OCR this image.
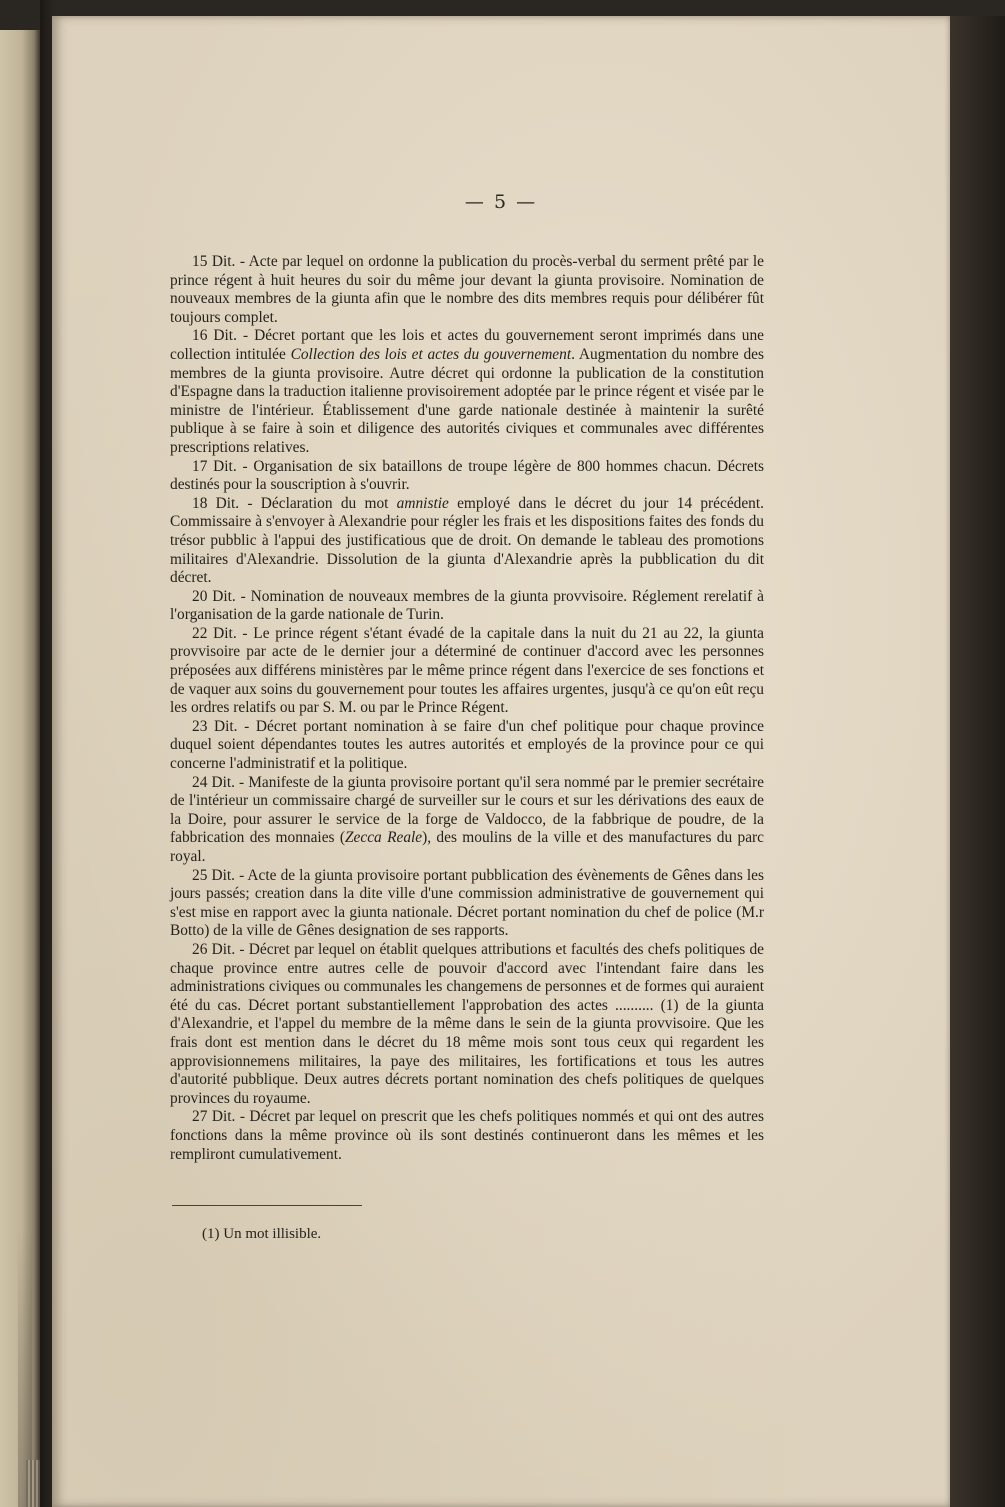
— 5 —

15 Dit. - Acte par lequel on ordonne la publication du procès-verbal du serment prêté par le prince régent à huit heures du soir du même jour devant la giunta provisoire. Nomination de nouveaux membres de la giunta afin que le nombre des dits membres requis pour délibérer fût toujours complet.

16 Dit. - Décret portant que les lois et actes du gouvernement seront imprimés dans une collection intitulée Collection des lois et actes du gouvernement. Augmentation du nombre des membres de la giunta provisoire. Autre décret qui ordonne la publication de la constitution d'Espagne dans la traduction italienne provisoirement adoptée par le prince régent et visée par le ministre de l'intérieur. Établissement d'une garde nationale destinée à maintenir la surêté publique à se faire à soin et diligence des autorités civiques et communales avec différentes prescriptions relatives.

17 Dit. - Organisation de six bataillons de troupe légère de 800 hommes chacun. Décrets destinés pour la souscription à s'ouvrir.

18 Dit. - Déclaration du mot amnistie employé dans le décret du jour 14 précédent. Commissaire à s'envoyer à Alexandrie pour régler les frais et les dispositions faites des fonds du trésor pubblic à l'appui des justificatious que de droit. On demande le tableau des promotions militaires d'Alexandrie. Dissolution de la giunta d'Alexandrie après la pubblication du dit décret.

20 Dit. - Nomination de nouveaux membres de la giunta provvisoire. Réglement rerelatif à l'organisation de la garde nationale de Turin.

22 Dit. - Le prince régent s'étant évadé de la capitale dans la nuit du 21 au 22, la giunta provvisoire par acte de le dernier jour a déterminé de continuer d'accord avec les personnes préposées aux différens ministères par le même prince régent dans l'exercice de ses fonctions et de vaquer aux soins du gouvernement pour toutes les affaires urgentes, jusqu'à ce qu'on eût reçu les ordres relatifs ou par S. M. ou par le Prince Régent.

23 Dit. - Décret portant nomination à se faire d'un chef politique pour chaque province duquel soient dépendantes toutes les autres autorités et employés de la province pour ce qui concerne l'administratif et la politique.

24 Dit. - Manifeste de la giunta provisoire portant qu'il sera nommé par le premier secrétaire de l'intérieur un commissaire chargé de surveiller sur le cours et sur les dérivations des eaux de la Doire, pour assurer le service de la forge de Valdocco, de la fabbrique de poudre, de la fabbrication des monnaies (Zecca Reale), des moulins de la ville et des manufactures du parc royal.

25 Dit. - Acte de la giunta provisoire portant pubblication des évènements de Gênes dans les jours passés; creation dans la dite ville d'une commission administrative de gouvernement qui s'est mise en rapport avec la giunta nationale. Décret portant nomination du chef de police (M.r Botto) de la ville de Gênes designation de ses rapports.

26 Dit. - Décret par lequel on établit quelques attributions et facultés des chefs politiques de chaque province entre autres celle de pouvoir d'accord avec l'intendant faire dans les administrations civiques ou communales les changemens de personnes et de formes qui auraient été du cas. Décret portant substantiellement l'approbation des actes .......... (1) de la giunta d'Alexandrie, et l'appel du membre de la même dans le sein de la giunta provvisoire. Que les frais dont est mention dans le décret du 18 même mois sont tous ceux qui regardent les approvisionnemens militaires, la paye des militaires, les fortifications et tous les autres d'autorité pubblique. Deux autres décrets portant nomination des chefs politiques de quelques provinces du royaume.

27 Dit. - Décret par lequel on prescrit que les chefs politiques nommés et qui ont des autres fonctions dans la même province où ils sont destinés continueront dans les mêmes et les rempliront cumulativement.

(1) Un mot illisible.
